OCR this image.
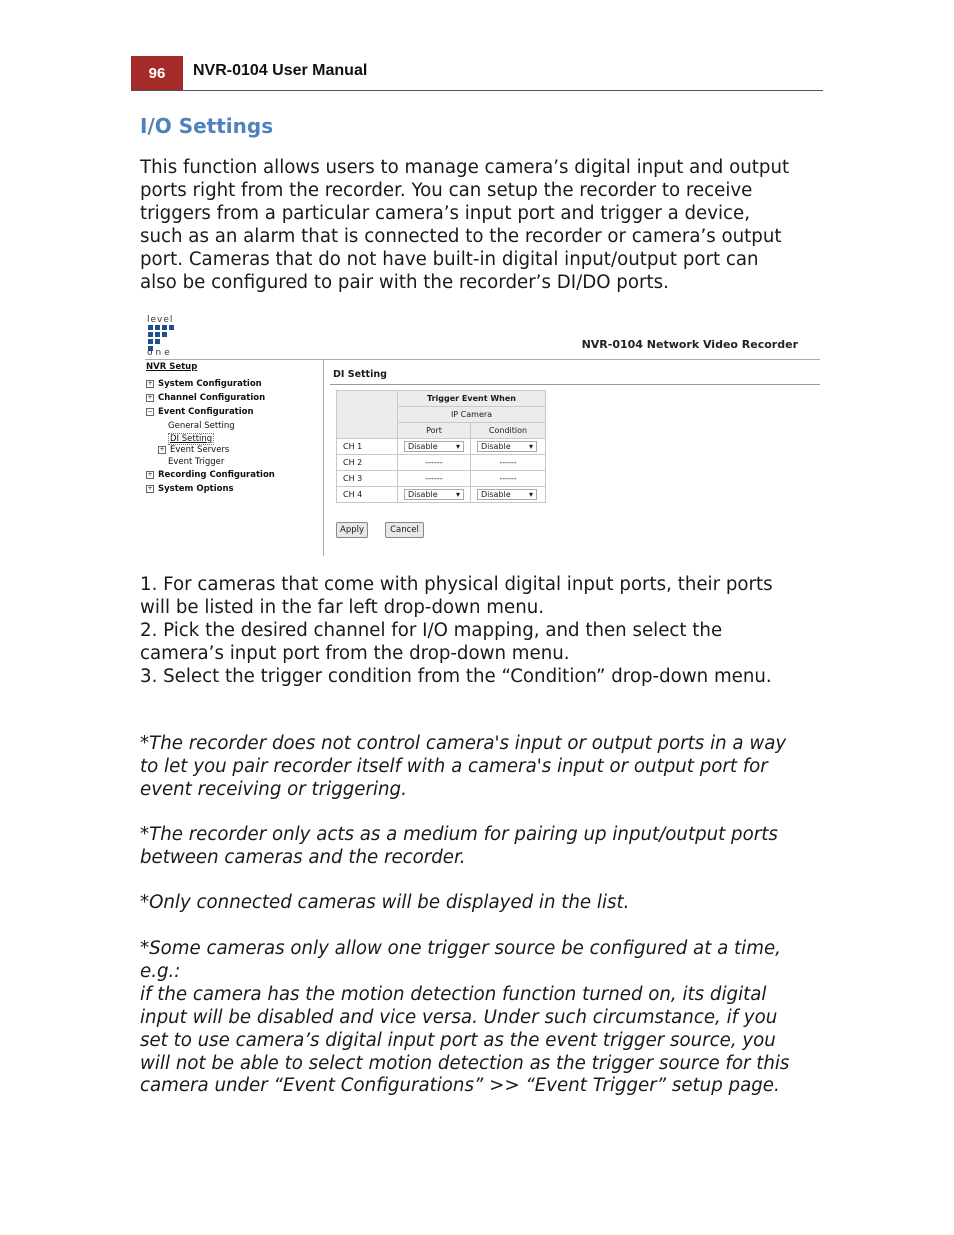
96	NVR-0104 User Manual
I/O Settings

This function allows users to manage camera’s digital input and output
ports right from the recorder. You can setup the recorder to receive
triggers from a particular camera’s input port and trigger a device,
such as an alarm that is connected to the recorder or camera’s output
port. Cameras that do not have built-in digital input/output port can
also be configured to pair with the recorder’s DI/DO ports.

level
one
NVR-0104 Network Video Recorder
NVR Setup
+ System Configuration
+ Channel Configuration
− Event Configuration
General Setting
DI Setting
+ Event Servers
Event Trigger
+ Recording Configuration
+ System Options
DI Setting
	Trigger Event When	
	IP Camera	
	Port	Condition
CH 1	Disable ▾	Disable ▾

CH 2	------	------
CH 3	------	------
CH 4	Disable ▾	Disable ▾
Apply	Cancel

1. For cameras that come with physical digital input ports, their ports
will be listed in the far left drop-down menu.
2. Pick the desired channel for I/O mapping, and then select the
camera’s input port from the drop-down menu.
3. Select the trigger condition from the “Condition” drop-down menu.

*The recorder does not control camera's input or output ports in a way
to let you pair recorder itself with a camera's input or output port for
event receiving or triggering.

*The recorder only acts as a medium for pairing up input/output ports
between cameras and the recorder.

*Only connected cameras will be displayed in the list.

*Some cameras only allow one trigger source be configured at a time,
e.g.:
if the camera has the motion detection function turned on, its digital
input will be disabled and vice versa. Under such circumstance, if you
set to use camera’s digital input port as the event trigger source, you
will not be able to select motion detection as the trigger source for this
camera under “Event Configurations” >> “Event Trigger” setup page.
